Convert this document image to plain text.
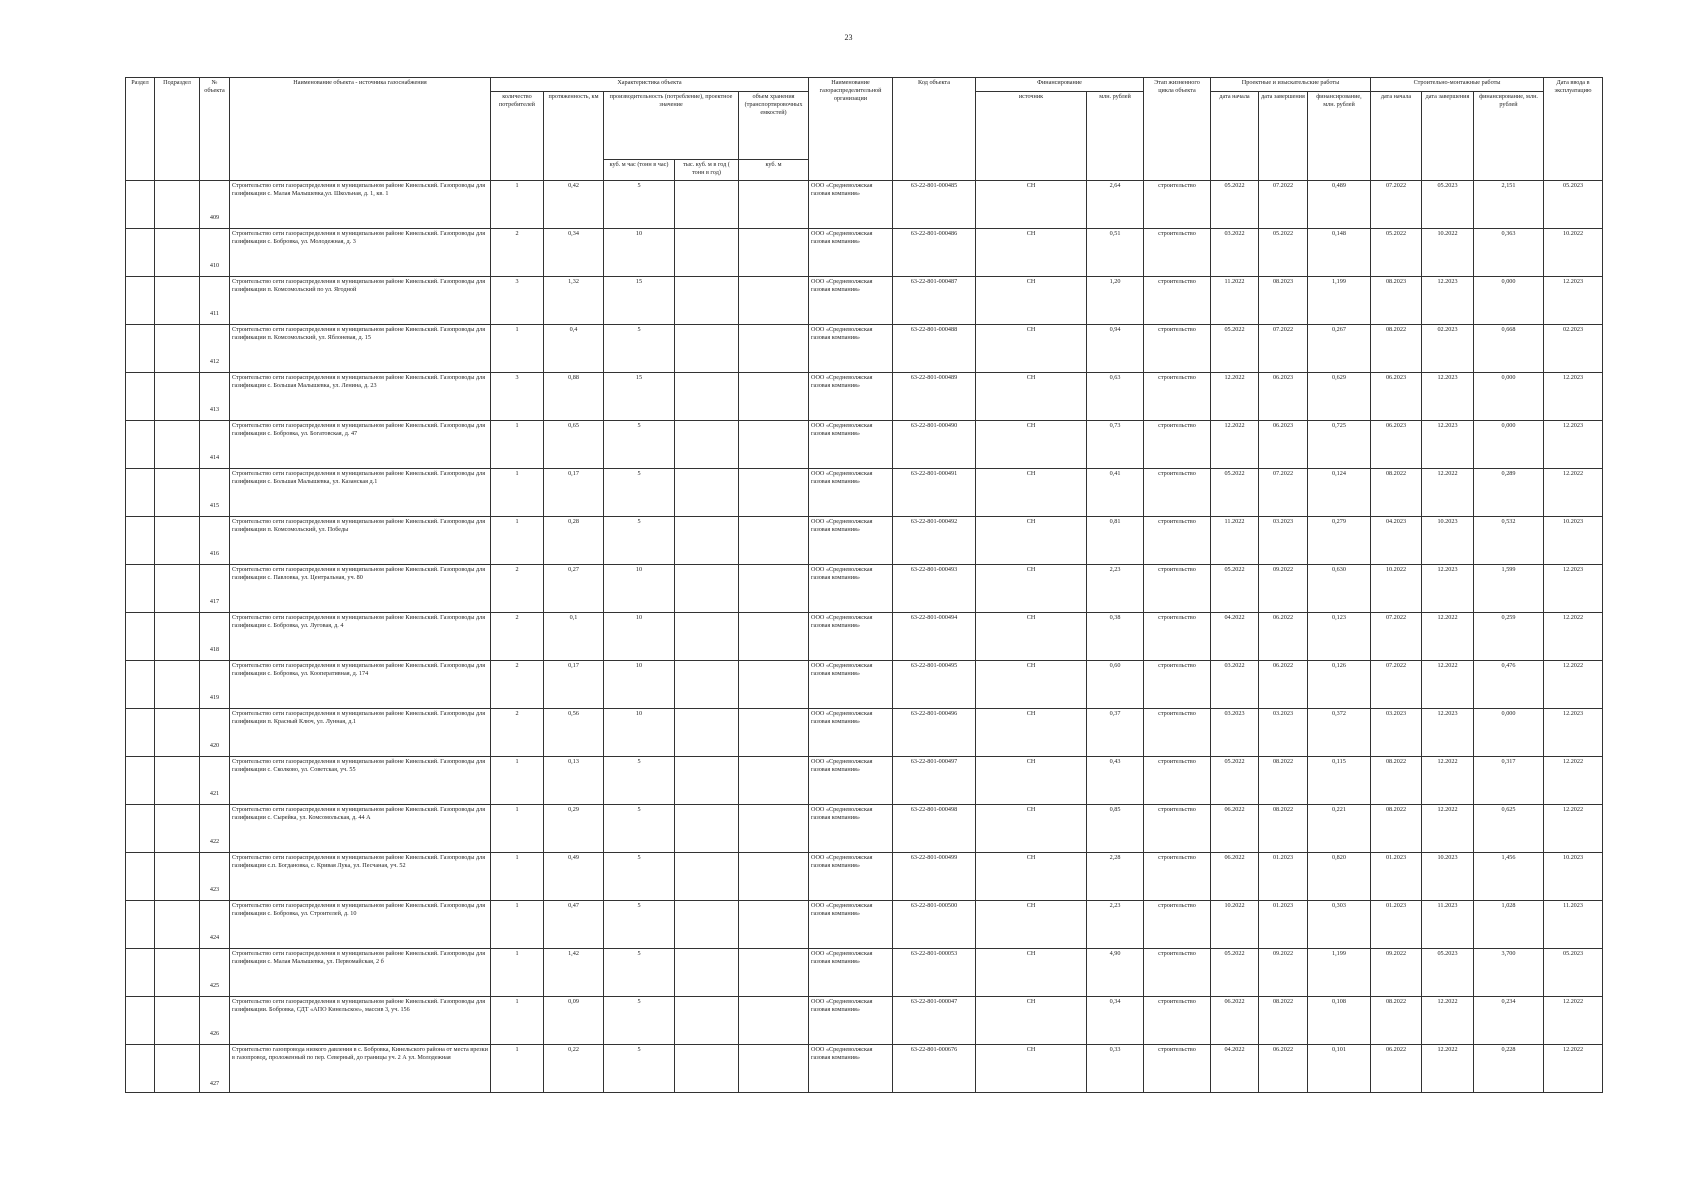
23
Раздел	Подраздел	№ объекта	Наименование объекта - источника газоснабжения	Характеристика объекта					Наименование газораспределительной организации	Код объекта	Финансирование		Этап жизненного цикла объекта	Проектные и изыскательские работы			Строительно-монтажные работы			Дата ввода в эксплуатацию
				количество потребителей	протяженность, км	производительность (потребление), проектное значение		объем хранения (транспортировочных емкостей)			источник	млн. рублей		дата начала	дата завершения	финансирование, млн. рублей	дата начала	дата завершения	финансирование, млн. рублей	
						куб. м час (тонн в час)	тыс. куб. м в год ( тонн в год)	куб. м												
		409	Строительство сети газораспределения в муниципальном районе Кинельский. Газопроводы для газификации с. Малая Малышевка,ул. Школьная, д. 1, кв. 1	1	0,42	5			ООО «Средневолжская газовая компания»	63-22-801-000485	СН	2,64	строительство	05.2022	07.2022	0,489	07.2022	05.2023	2,151	05.2023
		410	Строительство сети газораспределения в муниципальном районе Кинельский. Газопроводы для газификации с. Бобровка, ул. Молодежная, д. 3	2	0,34	10			ООО «Средневолжская газовая компания»	63-22-801-000486	СН	0,51	строительство	03.2022	05.2022	0,148	05.2022	10.2022	0,363	10.2022
		411	Строительство сети газораспределения в муниципальном районе Кинельский. Газопроводы для газификации п. Комсомольский по ул. Ягодной	3	1,32	15			ООО «Средневолжская газовая компания»	63-22-801-000487	СН	1,20	строительство	11.2022	08.2023	1,199	08.2023	12.2023	0,000	12.2023
		412	Строительство сети газораспределения в муниципальном районе Кинельский. Газопроводы для газификации п. Комсомольский, ул. Яблоневая, д. 15	1	0,4	5			ООО «Средневолжская газовая компания»	63-22-801-000488	СН	0,94	строительство	05.2022	07.2022	0,267	08.2022	02.2023	0,668	02.2023
		413	Строительство сети газораспределения в муниципальном районе Кинельский. Газопроводы для газификации с. Большая Малышевка, ул. Ленина, д. 23	3	0,88	15			ООО «Средневолжская газовая компания»	63-22-801-000489	СН	0,63	строительство	12.2022	06.2023	0,629	06.2023	12.2023	0,000	12.2023
		414	Строительство сети газораспределения в муниципальном районе Кинельский. Газопроводы для газификации с. Бобровка, ул. Богатовская, д. 47	1	0,65	5			ООО «Средневолжская газовая компания»	63-22-801-000490	СН	0,73	строительство	12.2022	06.2023	0,725	06.2023	12.2023	0,000	12.2023
		415	Строительство сети газораспределения в муниципальном районе Кинельский. Газопроводы для газификации с. Большая Малышевка, ул. Казанская д.1	1	0,17	5			ООО «Средневолжская газовая компания»	63-22-801-000491	СН	0,41	строительство	05.2022	07.2022	0,124	08.2022	12.2022	0,289	12.2022
		416	Строительство сети газораспределения в муниципальном районе Кинельский. Газопроводы для газификации п. Комсомольский, ул. Победы	1	0,28	5			ООО «Средневолжская газовая компания»	63-22-801-000492	СН	0,81	строительство	11.2022	03.2023	0,279	04.2023	10.2023	0,532	10.2023
		417	Строительство сети газораспределения в муниципальном районе Кинельский. Газопроводы для газификации с. Павловка, ул. Центральная, уч. 80	2	0,27	10			ООО «Средневолжская газовая компания»	63-22-801-000493	СН	2,23	строительство	05.2022	09.2022	0,630	10.2022	12.2023	1,599	12.2023
		418	Строительство сети газораспределения в муниципальном районе Кинельский. Газопроводы для газификации с. Бобровка, ул. Луговая, д. 4	2	0,1	10			ООО «Средневолжская газовая компания»	63-22-801-000494	СН	0,38	строительство	04.2022	06.2022	0,123	07.2022	12.2022	0,259	12.2022
		419	Строительство сети газораспределения в муниципальном районе Кинельский. Газопроводы для газификации с. Бобровка, ул. Кооперативная, д. 174	2	0,17	10			ООО «Средневолжская газовая компания»	63-22-801-000495	СН	0,60	строительство	03.2022	06.2022	0,126	07.2022	12.2022	0,476	12.2022
		420	Строительство сети газораспределения в муниципальном районе Кинельский. Газопроводы для газификации п. Красный Ключ, ул. Лунная, д.1	2	0,56	10			ООО «Средневолжская газовая компания»	63-22-801-000496	СН	0,37	строительство	03.2023	03.2023	0,372	03.2023	12.2023	0,000	12.2023
		421	Строительство сети газораспределения в муниципальном районе Кинельский. Газопроводы для газификации с. Сколково, ул. Советская, уч. 55	1	0,13	5			ООО «Средневолжская газовая компания»	63-22-801-000497	СН	0,43	строительство	05.2022	08.2022	0,115	08.2022	12.2022	0,317	12.2022
		422	Строительство сети газораспределения в муниципальном районе Кинельский. Газопроводы для газификации с. Сырейка, ул. Комсомольская, д. 44 А	1	0,29	5			ООО «Средневолжская газовая компания»	63-22-801-000498	СН	0,85	строительство	06.2022	08.2022	0,221	08.2022	12.2022	0,625	12.2022
		423	Строительство сети газораспределения в муниципальном районе Кинельский. Газопроводы для газификации с.п. Богдановка, с. Кривая Лука, ул. Песчаная, уч. 52	1	0,49	5			ООО «Средневолжская газовая компания»	63-22-801-000499	СН	2,28	строительство	06.2022	01.2023	0,820	01.2023	10.2023	1,456	10.2023
		424	Строительство сети газораспределения в муниципальном районе Кинельский. Газопроводы для газификации с. Бобровка, ул. Строителей, д. 10	1	0,47	5			ООО «Средневолжская газовая компания»	63-22-801-000500	СН	2,23	строительство	10.2022	01.2023	0,303	01.2023	11.2023	1,028	11.2023
		425	Строительство сети газораспределения в муниципальном районе Кинельский. Газопроводы для газификации с. Малая Малышевка, ул. Первомайская, 2 б	1	1,42	5			ООО «Средневолжская газовая компания»	63-22-801-000053	СН	4,90	строительство	05.2022	09.2022	1,199	09.2022	05.2023	3,700	05.2023
		426	Строительство сети газораспределения в муниципальном районе Кинельский. Газопроводы для газификации. Бобровка, СДТ «АПО Кинельское», массив 3, уч. 156	1	0,09	5			ООО «Средневолжская газовая компания»	63-22-801-000047	СН	0,34	строительство	06.2022	08.2022	0,108	08.2022	12.2022	0,234	12.2022
		427	Строительство газопровода низкого давления в с. Бобровка, Кинельского района от места врезки в газопровод, проложенный по пер. Северный, до границы уч. 2 А ул. Молодежная	1	0,22	5			ООО «Средневолжская газовая компания»	63-22-801-000676	СН	0,33	строительство	04.2022	06.2022	0,101	06.2022	12.2022	0,228	12.2022
